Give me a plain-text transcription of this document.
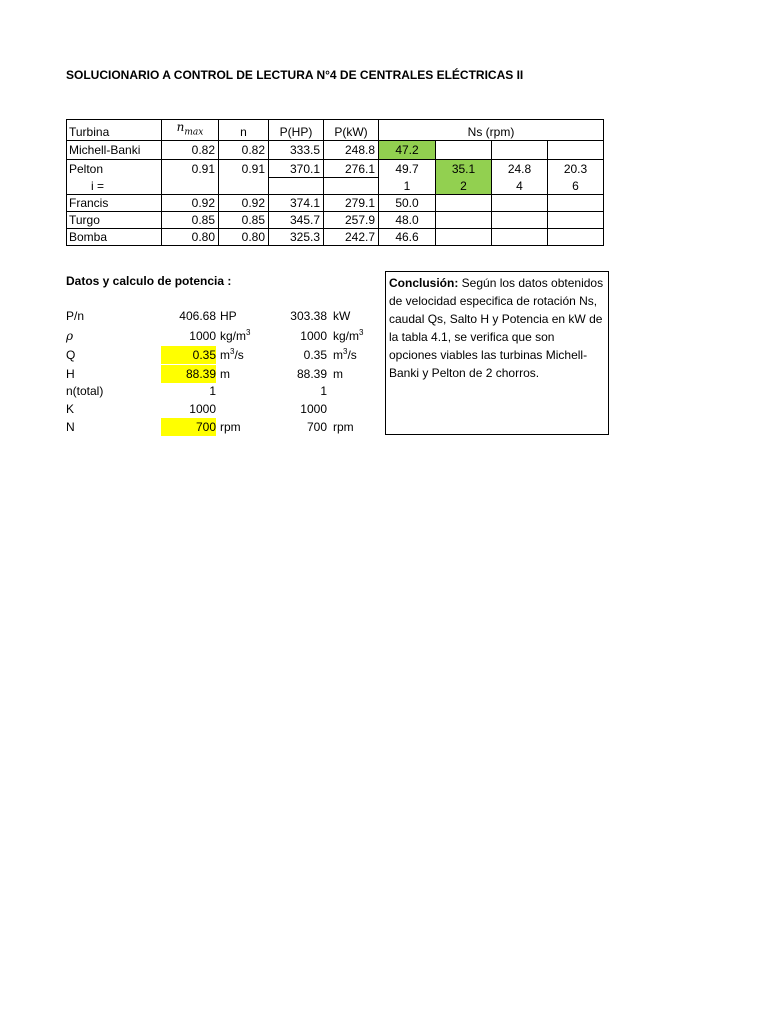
SOLUCIONARIO A CONTROL DE LECTURA N°4 DE CENTRALES ELÉCTRICAS II
Turbina	$n_{max}$	n	P(HP)	P(kW)	Ns (rpm)			
Michell-Banki	0.82	0.82	333.5	248.8	47.2			
Pelton	0.91	0.91	370.1	276.1	49.7	35.1	24.8	20.3
i =					1	2	4	6
Francis	0.92	0.92	374.1	279.1	50.0			
Turgo	0.85	0.85	345.7	257.9	48.0			
Bomba	0.80	0.80	325.3	242.7	46.6			
Datos y calculo de potencia :
P/n	406.68 HP	303.38 kW
ρ	1000 $kg/m^3$	1000 $kg/m^3$
Q	0.35 $m^3/s$	0.35 $m^3/s$
H	88.39 m	88.39 m
n(total)	1	1
K	1000	1000
N	700 rpm	700 rpm
Conclusión: Según los datos obtenidos de velocidad especifica de rotación Ns, caudal Qs, Salto H y Potencia en kW de la tabla 4.1, se verifica que son opciones viables las turbinas Michell-Banki y Pelton de 2 chorros.
